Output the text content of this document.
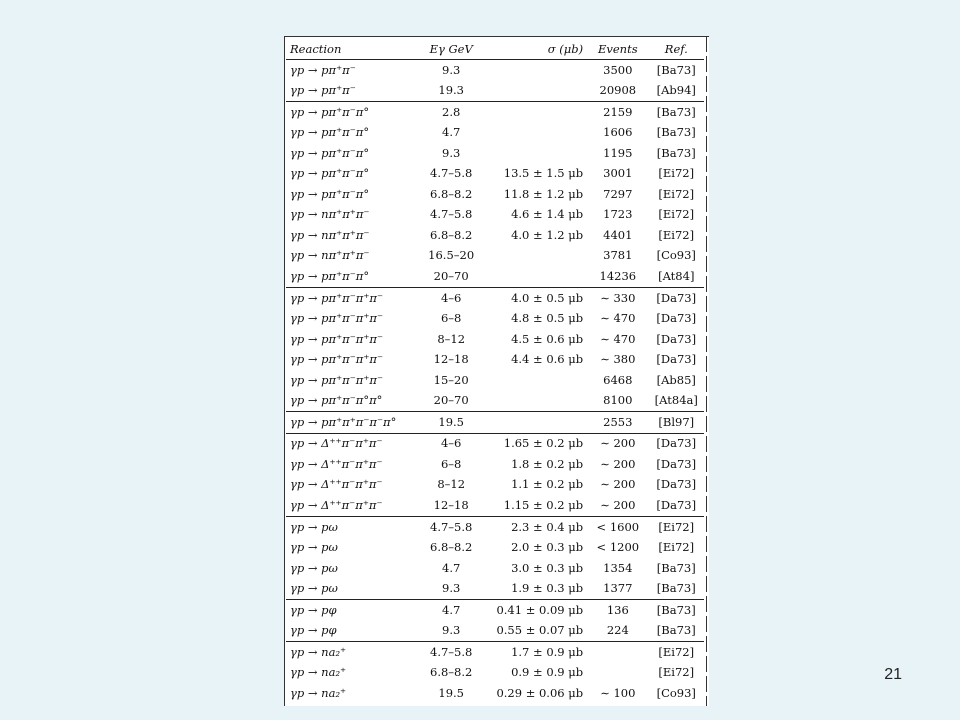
Reaction	Eγ GeV	σ (μb)	Events	Ref.
γp → pπ⁺π⁻	9.3		3500	[Ba73]
γp → pπ⁺π⁻	19.3		20908	[Ab94]
γp → pπ⁺π⁻π°	2.8		2159	[Ba73]
γp → pπ⁺π⁻π°	4.7		1606	[Ba73]
γp → pπ⁺π⁻π°	9.3		1195	[Ba73]
γp → pπ⁺π⁻π°	4.7–5.8	13.5 ± 1.5 μb	3001	[Ei72]
γp → pπ⁺π⁻π°	6.8–8.2	11.8 ± 1.2 μb	7297	[Ei72]
γp → nπ⁺π⁺π⁻	4.7–5.8	4.6 ± 1.4 μb	1723	[Ei72]
γp → nπ⁺π⁺π⁻	6.8–8.2	4.0 ± 1.2 μb	4401	[Ei72]
γp → nπ⁺π⁺π⁻	16.5–20		3781	[Co93]
γp → pπ⁺π⁻π°	20–70		14236	[At84]
γp → pπ⁺π⁻π⁺π⁻	4–6	4.0 ± 0.5 μb	∼ 330	[Da73]
γp → pπ⁺π⁻π⁺π⁻	6–8	4.8 ± 0.5 μb	∼ 470	[Da73]
γp → pπ⁺π⁻π⁺π⁻	8–12	4.5 ± 0.6 μb	∼ 470	[Da73]
γp → pπ⁺π⁻π⁺π⁻	12–18	4.4 ± 0.6 μb	∼ 380	[Da73]
γp → pπ⁺π⁻π⁺π⁻	15–20		6468	[Ab85]
γp → pπ⁺π⁻π°π°	20–70		8100	[At84a]
γp → pπ⁺π⁺π⁻π⁻π°	19.5		2553	[Bl97]
γp → Δ⁺⁺π⁻π⁺π⁻	4–6	1.65 ± 0.2 μb	∼ 200	[Da73]
γp → Δ⁺⁺π⁻π⁺π⁻	6–8	1.8 ± 0.2 μb	∼ 200	[Da73]
γp → Δ⁺⁺π⁻π⁺π⁻	8–12	1.1 ± 0.2 μb	∼ 200	[Da73]
γp → Δ⁺⁺π⁻π⁺π⁻	12–18	1.15 ± 0.2 μb	∼ 200	[Da73]
γp → pω	4.7–5.8	2.3 ± 0.4 μb	< 1600	[Ei72]
γp → pω	6.8–8.2	2.0 ± 0.3 μb	< 1200	[Ei72]
γp → pω	4.7	3.0 ± 0.3 μb	1354	[Ba73]
γp → pω	9.3	1.9 ± 0.3 μb	1377	[Ba73]
γp → pφ	4.7	0.41 ± 0.09 μb	136	[Ba73]
γp → pφ	9.3	0.55 ± 0.07 μb	224	[Ba73]
γp → na₂⁺	4.7–5.8	1.7 ± 0.9 μb		[Ei72]
γp → na₂⁺	6.8–8.2	0.9 ± 0.9 μb		[Ei72]
γp → na₂⁺	19.5	0.29 ± 0.06 μb	∼ 100	[Co93]
21
